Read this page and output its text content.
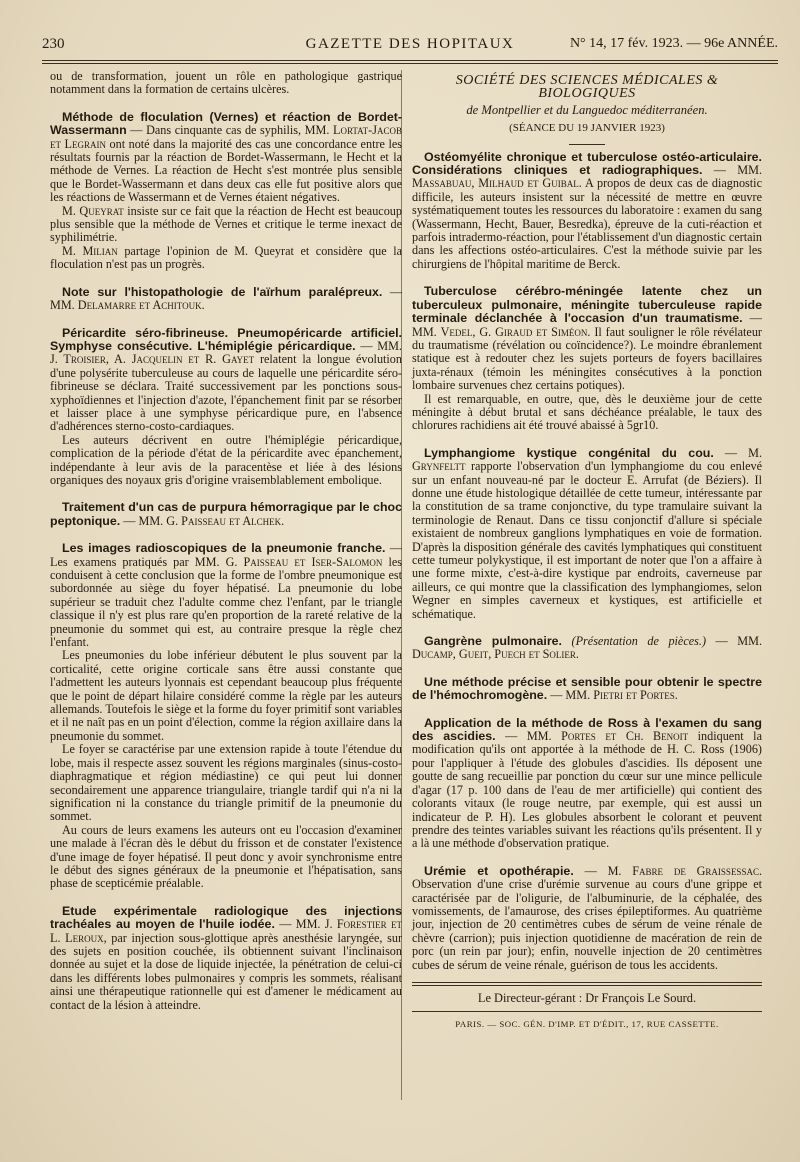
230	GAZETTE DES HOPITAUX	N° 14, 17 fév. 1923. — 96e ANNÉE.

ou de transformation, jouent un rôle en pathologique gastrique notamment dans la formation de certains ulcères.

Méthode de floculation (Vernes) et réaction de Bordet-Wassermann — Dans cinquante cas de syphilis, MM. Lortat-Jacob et Legrain ont noté dans la majorité des cas une concordance entre les résultats fournis par la réaction de Bordet-Wassermann, le Hecht et la méthode de Vernes. La réaction de Hecht s'est montrée plus sensible que le Bordet-Wassermann et dans deux cas elle fut positive alors que les réactions de Wassermann et de Vernes étaient négatives.

M. Queyrat insiste sur ce fait que la réaction de Hecht est beaucoup plus sensible que la méthode de Vernes et critique le terme inexact de syphilimétrie.

M. Milian partage l'opinion de M. Queyrat et considère que la floculation n'est pas un progrès.

Note sur l'histopathologie de l'aïrhum paralépreux. — MM. Delamarre et Achitouk.

Péricardite séro-fibrineuse. Pneumopéricarde artificiel. Symphyse consécutive. L'hémiplégie péricardique. — MM. J. Troisier, A. Jacquelin et R. Gayet relatent la longue évolution d'une polysérite tuberculeuse au cours de laquelle une péricardite séro-fibrineuse se déclara. Traité successivement par les ponctions sous-xyphoïdiennes et l'injection d'azote, l'épanchement finit par se résorber et laisser place à une symphyse péricardique pure, en l'absence d'adhérences sterno-costo-cardiaques.

Les auteurs décrivent en outre l'hémiplégie péricardique, complication de la période d'état de la péricardite avec épanchement, indépendante à leur avis de la paracentèse et liée à des lésions organiques des noyaux gris d'origine vraisemblablement embolique.

Traitement d'un cas de purpura hémorragique par le choc peptonique. — MM. G. Paisseau et Alchek.

Les images radioscopiques de la pneumonie franche. — Les examens pratiqués par MM. G. Paisseau et Iser-Salomon les conduisent à cette conclusion que la forme de l'ombre pneumonique est subordonnée au siège du foyer hépatisé. La pneumonie du lobe supérieur se traduit chez l'adulte comme chez l'enfant, par le triangle classique il n'y est plus rare qu'en proportion de la rareté relative de la pneumonie du sommet qui est, au contraire presque la règle chez l'enfant.

Les pneumonies du lobe inférieur débutent le plus souvent par la corticalité, cette origine corticale sans être aussi constante que l'admettent les auteurs lyonnais est cependant beaucoup plus fréquente que le point de départ hilaire considéré comme la règle par les auteurs allemands. Toutefois le siège et la forme du foyer primitif sont variables et il ne naît pas en un point d'élection, comme la région axillaire dans la pneumonie du sommet.

Le foyer se caractérise par une extension rapide à toute l'étendue du lobe, mais il respecte assez souvent les régions marginales (sinus-costo-diaphragmatique et région médiastine) ce qui peut lui donner secondairement une apparence triangulaire, triangle tardif qui n'a ni la signification ni la constance du triangle primitif de la pneumonie du sommet.

Au cours de leurs examens les auteurs ont eu l'occasion d'examiner une malade à l'écran dès le début du frisson et de constater l'existence d'une image de foyer hépatisé. Il peut donc y avoir synchronisme entre le début des signes généraux de la pneumonie et l'hépatisation, sans phase de scepticémie préalable.

Etude expérimentale radiologique des injections trachéales au moyen de l'huile iodée. — MM. J. Forestier et L. Leroux, par injection sous-glottique après anesthésie laryngée, sur des sujets en position couchée, ils obtiennent suivant l'inclinaison donnée au sujet et la dose de liquide injectée, la pénétration de celui-ci dans les différents lobes pulmonaires y compris les sommets, réalisant ainsi une thérapeutique rationnelle qui est d'amener le médicament au contact de la lésion à atteindre.

SOCIÉTÉ DES SCIENCES MÉDICALES & BIOLOGIQUES
de Montpellier et du Languedoc méditerranéen.
(SÉANCE DU 19 JANVIER 1923)

Ostéomyélite chronique et tuberculose ostéo-articulaire. Considérations cliniques et radiographiques. — MM. Massabuau, Milhaud et Guibal. A propos de deux cas de diagnostic difficile, les auteurs insistent sur la nécessité de mettre en œuvre systématiquement toutes les ressources du laboratoire : examen du sang (Wassermann, Hecht, Bauer, Besredka), épreuve de la cuti-réaction et parfois intradermo-réaction, pour l'établissement d'un diagnostic certain dans les affections ostéo-articulaires. C'est la méthode suivie par les chirurgiens de l'hôpital maritime de Berck.

Tuberculose cérébro-méningée latente chez un tuberculeux pulmonaire, méningite tuberculeuse rapide terminale déclanchée à l'occasion d'un traumatisme. — MM. Vedel, G. Giraud et Siméon. Il faut souligner le rôle révélateur du traumatisme (révélation ou coïncidence?). Le moindre ébranlement statique est à redouter chez les sujets porteurs de foyers bacillaires juxta-rénaux (témoin les méningites consécutives à la ponction lombaire survenues chez certains potiques).

Il est remarquable, en outre, que, dès le deuxième jour de cette méningite à début brutal et sans déchéance préalable, le taux des chlorures rachidiens ait été trouvé abaissé à 5gr10.

Lymphangiome kystique congénital du cou. — M. Grynfeltt rapporte l'observation d'un lymphangiome du cou enlevé sur un enfant nouveau-né par le docteur E. Arrufat (de Béziers). Il donne une étude histologique détaillée de cette tumeur, intéressante par la constitution de sa trame conjonctive, du type tramulaire suivant la terminologie de Renaut. Dans ce tissu conjonctif d'allure si spéciale existaient de nombreux ganglions lymphatiques en voie de formation. D'après la disposition générale des cavités lymphatiques qui constituent cette tumeur polykystique, il est important de noter que l'on a affaire à une forme mixte, c'est-à-dire kystique par endroits, caverneuse par ailleurs, ce qui montre que la classification des lymphangiomes, selon Wegner en simples caverneux et kystiques, est artificielle et schématique.

Gangrène pulmonaire. (Présentation de pièces.) — MM. Ducamp, Gueit, Puech et Solier.

Une méthode précise et sensible pour obtenir le spectre de l'hémochromogène. — MM. Pietri et Portes.

Application de la méthode de Ross à l'examen du sang des ascidies. — MM. Portes et Ch. Benoit indiquent la modification qu'ils ont apportée à la méthode de H. C. Ross (1906) pour l'appliquer à l'étude des globules d'ascidies. Ils déposent une goutte de sang recueillie par ponction du cœur sur une mince pellicule d'agar (17 p. 100 dans de l'eau de mer artificielle) qui contient des colorants vitaux (le rouge neutre, par exemple, qui est aussi un indicateur de P. H). Les globules absorbent le colorant et peuvent prendre des teintes variables suivant les réactions qu'ils présentent. Il y a là une méthode d'observation pratique.

Urémie et opothérapie. — M. Fabre de Graissessac. Observation d'une crise d'urémie survenue au cours d'une grippe et caractérisée par de l'oligurie, de l'albuminurie, de la céphalée, des vomissements, de l'amaurose, des crises épileptiformes. Au quatrième jour, injection de 20 centimètres cubes de sérum de veine rénale de chèvre (carrion); puis injection quotidienne de macération de rein de porc (un rein par jour); enfin, nouvelle injection de 20 centimètres cubes de sérum de veine rénale, guérison de tous les accidents.

Le Directeur-gérant : Dr François Le Sourd.
PARIS. — SOC. GÉN. D'IMP. ET D'ÉDIT., 17, RUE CASSETTE.
